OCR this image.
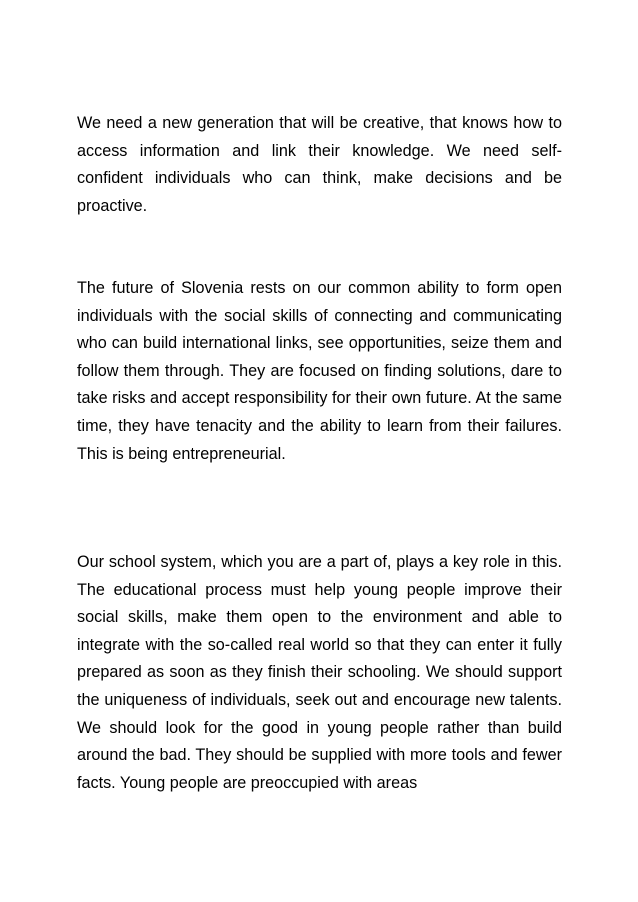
We need a new generation that will be creative, that knows how to access information and link their knowledge. We need self-confident individuals who can think, make decisions and be proactive.

The future of Slovenia rests on our common ability to form open individuals with the social skills of connecting and communicating who can build international links, see opportunities, seize them and follow them through. They are focused on finding solutions, dare to take risks and accept responsibility for their own future. At the same time, they have tenacity and the ability to learn from their failures. This is being entrepreneurial.

Our school system, which you are a part of, plays a key role in this. The educational process must help young people improve their social skills, make them open to the environment and able to integrate with the so-called real world so that they can enter it fully prepared as soon as they finish their schooling. We should support the uniqueness of individuals, seek out and encourage new talents. We should look for the good in young people rather than build around the bad. They should be supplied with more tools and fewer facts. Young people are preoccupied with areas
